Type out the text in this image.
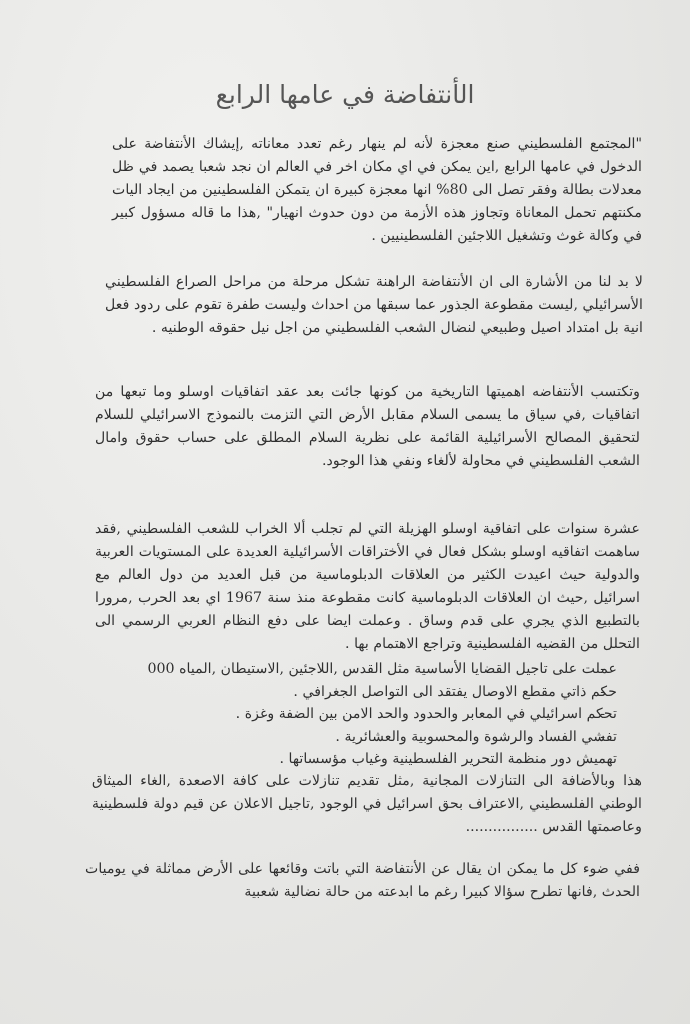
الأنتفاضة في عامها الرابع
"المجتمع الفلسطيني صنع معجزة لأنه لم ينهار رغم تعدد معاناته ,إيشاك الأنتفاضة على الدخول في عامها الرابع ,اين يمكن في اي مكان اخر في العالم ان نجد شعبا يصمد في ظل معدلات بطالة وفقر تصل الى 80% انها معجزة كبيرة ان يتمكن الفلسطينين من ايجاد اليات مكنتهم تحمل المعاناة وتجاوز هذه الأزمة من دون حدوث انهيار" ,هذا ما قاله مسؤول كبير في وكالة غوث وتشغيل اللاجئين الفلسطينيين .
لا بد لنا من الأشارة الى ان الأنتفاضة الراهنة تشكل مرحلة من مراحل الصراع الفلسطيني الأسرائيلي ,ليست مقطوعة الجذور عما سبقها من احداث وليست طفرة تقوم على ردود فعل انية بل امتداد اصيل وطبيعي لنضال الشعب الفلسطيني من اجل نيل حقوقه الوطنيه .
وتكتسب الأنتفاضه اهميتها التاريخية من كونها جائت بعد عقد اتفاقيات اوسلو وما تبعها من اتفاقيات ,في سياق ما يسمى السلام مقابل الأرض التي التزمت بالنموذج الاسرائيلي للسلام لتحقيق المصالح الأسرائيلية القائمة على نظرية السلام المطلق على حساب حقوق وامال الشعب الفلسطيني في محاولة لألغاء ونفي هذا الوجود.
عشرة سنوات على اتفاقية اوسلو الهزيلة التي لم تجلب ألا الخراب للشعب الفلسطيني ,فقد ساهمت اتفاقيه اوسلو بشكل فعال في الأختراقات الأسرائيلية العديدة على المستويات العربية والدولية حيث اعيدت الكثير من العلاقات الدبلوماسية من قبل العديد من دول العالم مع اسرائيل ,حيث ان العلاقات الدبلوماسية كانت مقطوعة منذ سنة 1967 اي بعد الحرب ,مرورا بالتطبيع الذي يجري على قدم وساق . وعملت ايضا على دفع النظام العربي الرسمي الى التحلل من القضيه الفلسطينية وتراجع الاهتمام بها .
- عملت على تاجيل القضايا الأساسية مثل القدس ,اللاجئين ,الاستيطان ,المياه 000
- حكم ذاتي مقطع الاوصال يفتقد الى التواصل الجغرافي .
- تحكم اسرائيلي في المعابر والحدود والحد الامن بين الضفة وغزة .
- تفشي الفساد والرشوة والمحسوبية والعشائرية .
- تهميش دور منظمة التحرير الفلسطينية وغياب مؤسساتها .
هذا وبالأضافة الى التنازلات المجانية ,مثل تقديم تنازلات على كافة الاصعدة ,الغاء الميثاق الوطني الفلسطيني ,الاعتراف بحق اسرائيل في الوجود ,تاجيل الاعلان عن قيم دولة فلسطينية وعاصمتها القدس ................
ففي ضوء كل ما يمكن ان يقال عن الأنتفاضة التي باتت وقائعها على الأرض مماثلة في يوميات الحدث ,فانها تطرح سؤالا كبيرا رغم ما ابدعته من حالة نضالية شعبية
